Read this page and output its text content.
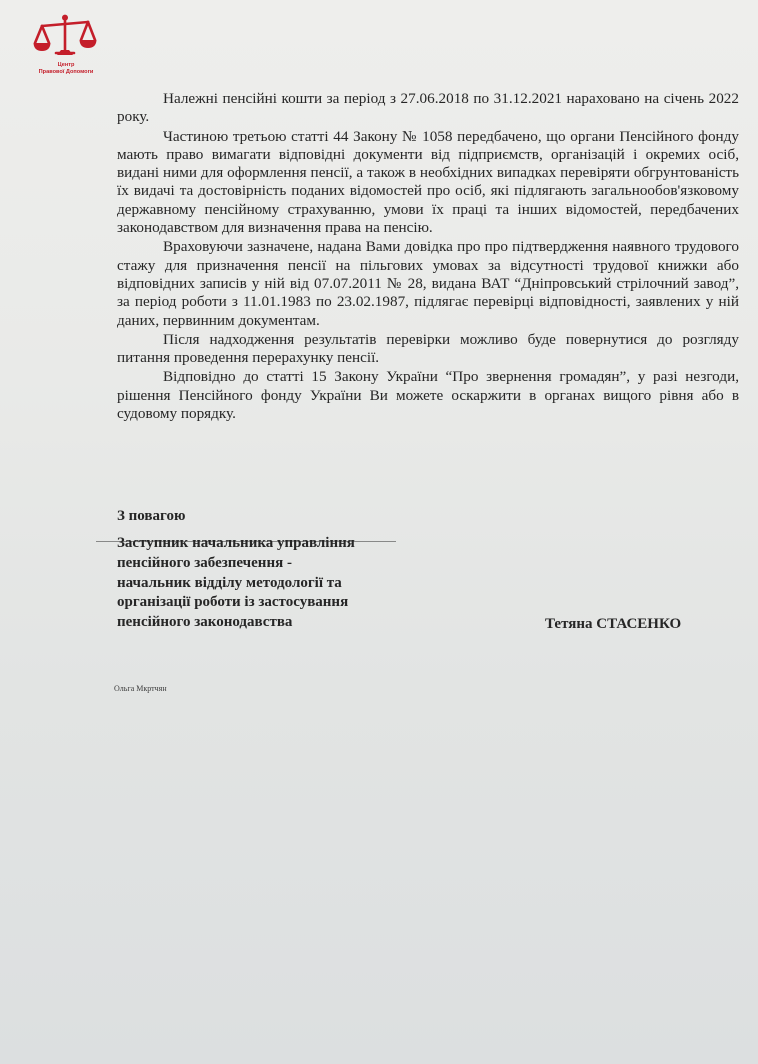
Центр
Правової Допомоги

Належні пенсійні кошти за період з 27.06.2018 по 31.12.2021 нараховано на січень 2022 року.

Частиною третьою статті 44 Закону № 1058 передбачено, що органи Пенсійного фонду мають право вимагати відповідні документи від підприємств, організацій і окремих осіб, видані ними для оформлення пенсії, а також в необхідних випадках перевіряти обгрунтованість їх видачі та достовірність поданих відомостей про осіб, які підлягають загальнообов'язковому державному пенсійному страхуванню, умови їх праці та інших відомостей, передбачених законодавством для визначення права на пенсію.

Враховуючи зазначене, надана Вами довідка про про підтвердження наявного трудового стажу для призначення пенсії на пільгових умовах за відсутності трудової книжки або відповідних записів у ній від 07.07.2011 № 28, видана ВАТ “Дніпровський стрілочний завод”, за період роботи з 11.01.1983 по 23.02.1987, підлягає перевірці відповідності, заявлених у ній даних, первинним документам.

Після надходження результатів перевірки можливо буде повернутися до розгляду питання проведення перерахунку пенсії.

Відповідно до статті 15 Закону України “Про звернення громадян”, у разі незгоди, рішення Пенсійного фонду України Ви можете оскаржити в органах вищого рівня або в судовому порядку.

З повагою
Заступник начальника управління
пенсійного забезпечення -
начальник відділу методології та
організації роботи із застосування
пенсійного законодавства	Тетяна СТАСЕНКО
Ольга Мкртчян
